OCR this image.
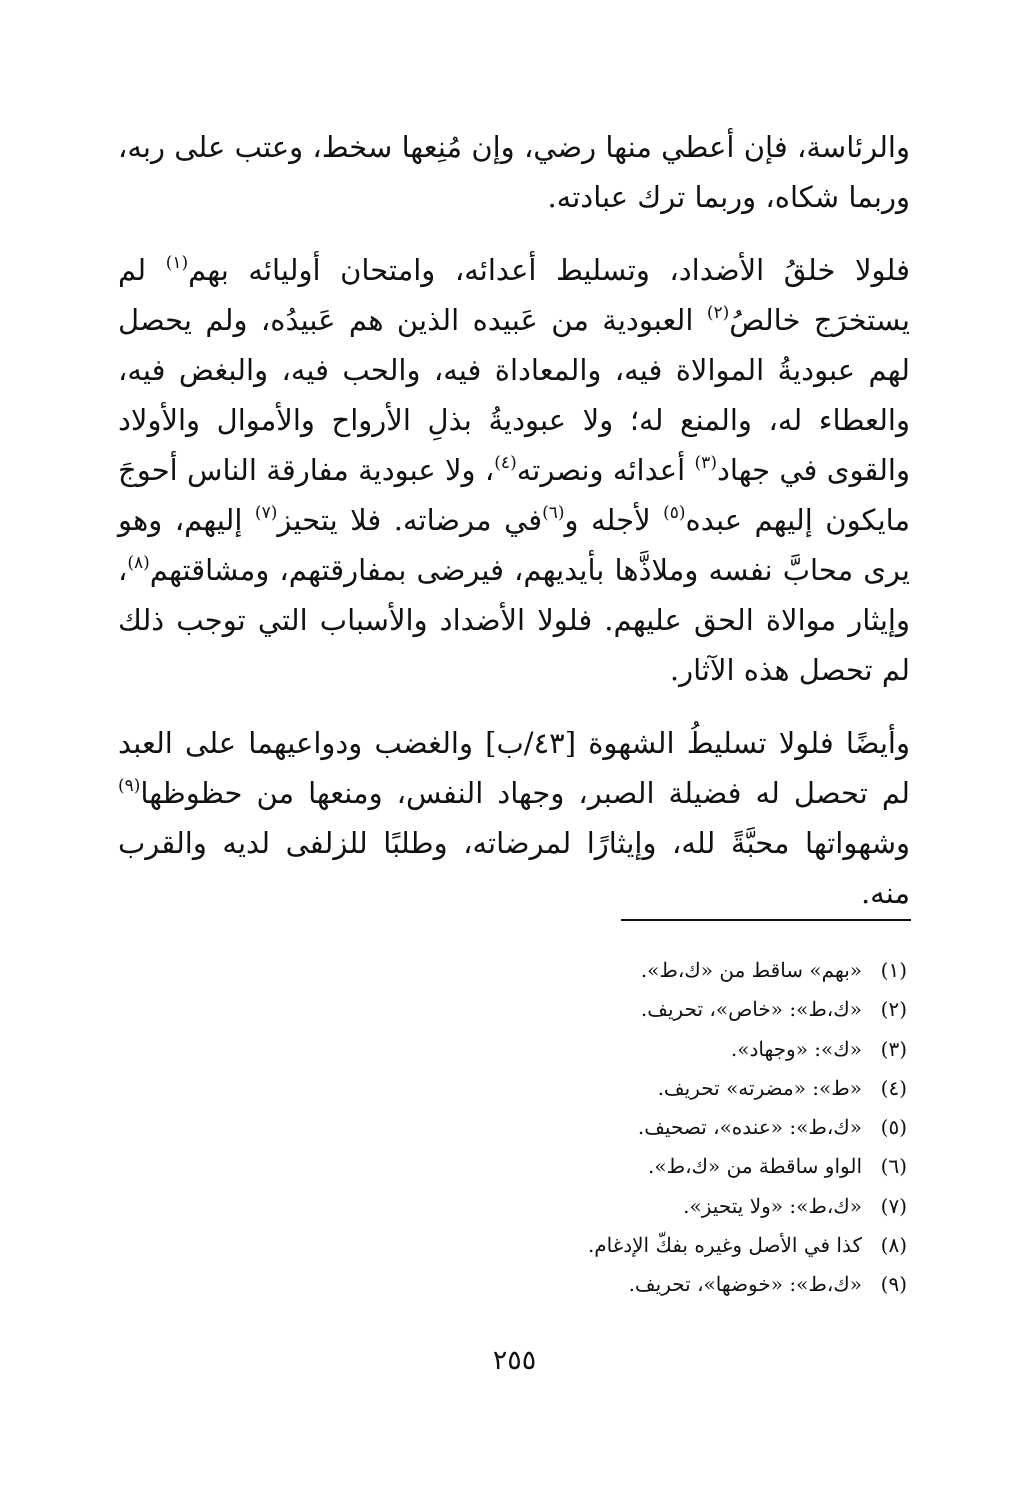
والرئاسة، فإن أعطي منها رضي، وإن مُنِعها سخط، وعتب على ربه، وربما شكاه، وربما ترك عبادته.

فلولا خلقُ الأضداد، وتسليط أعدائه، وامتحان أوليائه بهم$^{(١)}$ لم يستخرَج خالصُ$^{(٢)}$ العبودية من عَبيده الذين هم عَبيدُه، ولم يحصل لهم عبوديةُ الموالاة فيه، والمعاداة فيه، والحب فيه، والبغض فيه، والعطاء له، والمنع له؛ ولا عبوديةُ بذلِ الأرواح والأموال والأولاد والقوى في جهاد$^{(٣)}$ أعدائه ونصرته$^{(٤)}$، ولا عبودية مفارقة الناس أحوجَ مايكون إليهم عبده$^{(٥)}$ لأجله و$^{(٦)}$في مرضاته. فلا يتحيز$^{(٧)}$ إليهم، وهو يرى محابَّ نفسه وملاذَّها بأيديهم، فيرضى بمفارقتهم، ومشاقتهم$^{(٨)}$، وإيثار موالاة الحق عليهم. فلولا الأضداد والأسباب التي توجب ذلك لم تحصل هذه الآثار.

وأيضًا فلولا تسليطُ الشهوة [٤٣/ب] والغضب ودواعيهما على العبد لم تحصل له فضيلة الصبر، وجهاد النفس، ومنعها من حظوظها$^{(٩)}$ وشهواتها محبَّةً لله، وإيثارًا لمرضاته، وطلبًا للزلفى لديه والقرب منه.

(١)
«بهم» ساقط من «ك،ط».
(٢)
«ك،ط»: «خاص»، تحريف.
(٣)
«ك»: «وجهاد».
(٤)
«ط»: «مضرته» تحريف.
(٥)
«ك،ط»: «عنده»، تصحيف.
(٦)
الواو ساقطة من «ك،ط».
(٧)
«ك،ط»: «ولا يتحيز».
(٨)
كذا في الأصل وغيره بفكّ الإدغام.
(٩)
«ك،ط»: «خوضها»، تحريف.
٢٥٥
